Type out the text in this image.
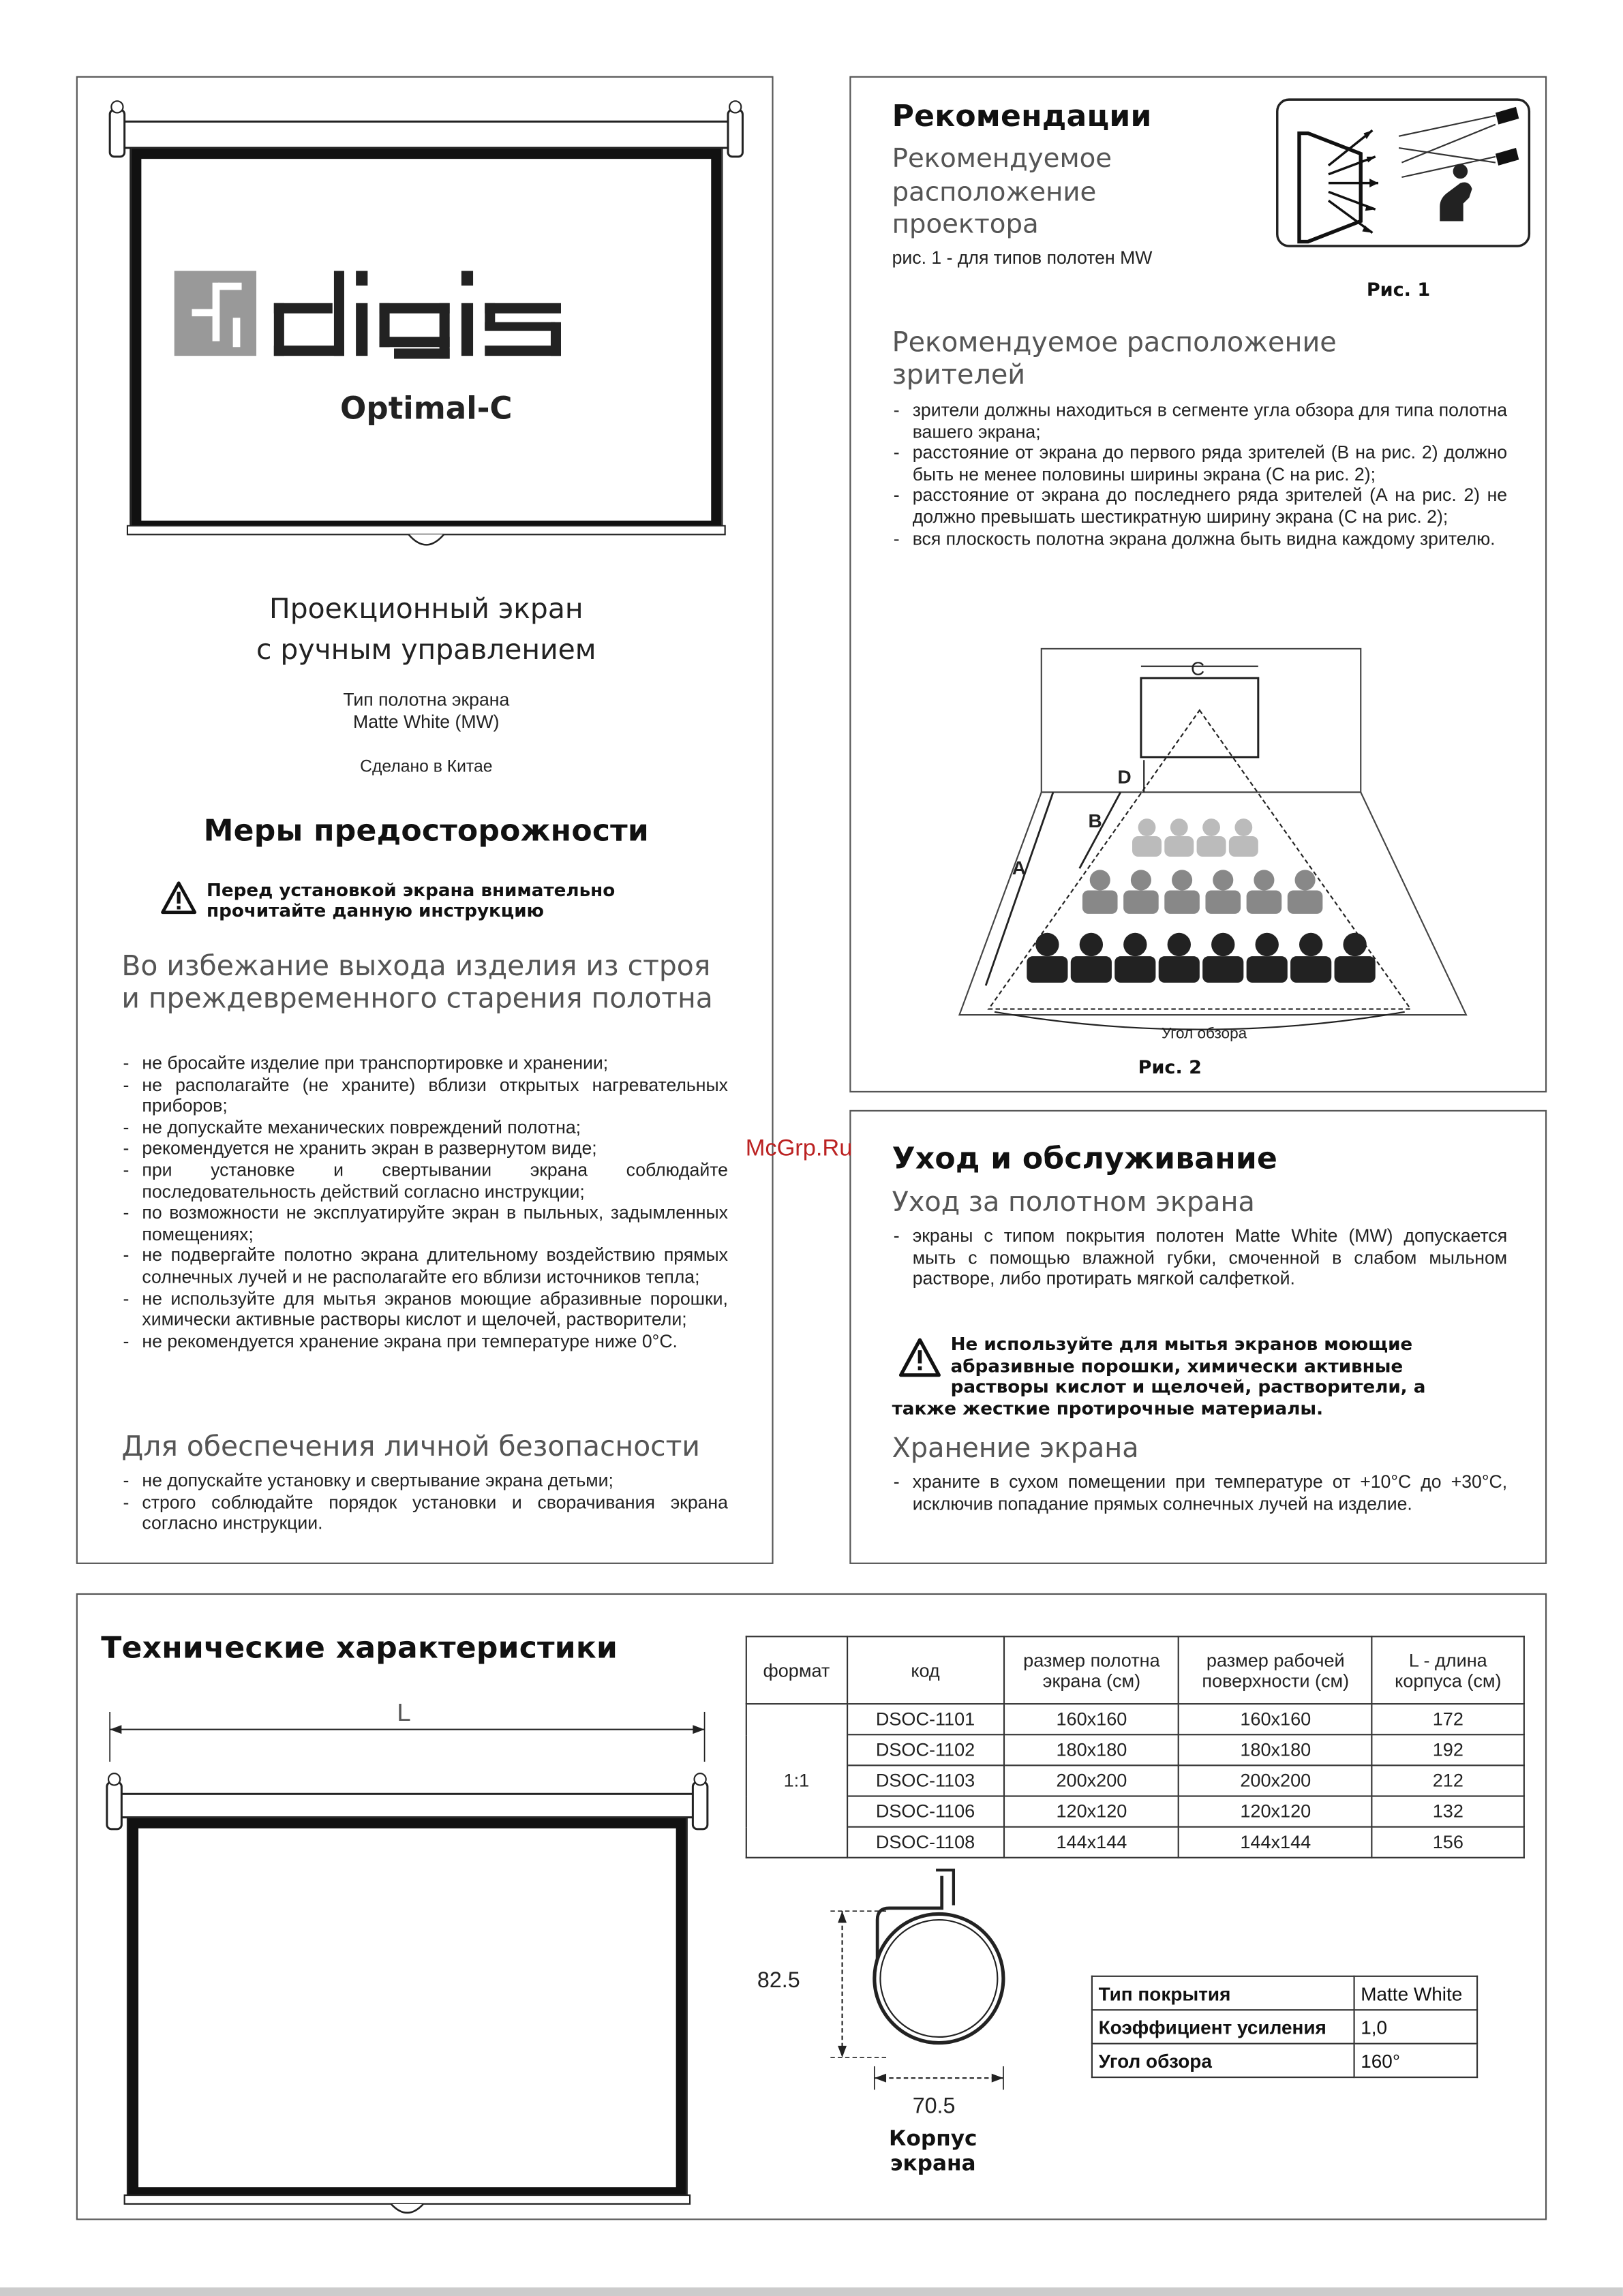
Optimal-C
Проекционный экран
с ручным управлением
Тип полотна экрана
Matte White (MW)
Сделано в Китае
Меры предосторожности
Перед установкой экрана внимательно
прочитайте данную инструкцию
Во избежание выхода изделия из строя и преждевременного старения полотна
- не бросайте изделие при транспортировке и хранении;
- не располагайте (не храните) вблизи открытых нагревательных приборов;
- не допускайте механических повреждений полотна;
- рекомендуется не хранить экран в развернутом виде;
- при установке и свертывании экрана соблюдайте последовательность действий согласно инструкции;
- по возможности не эксплуатируйте экран в пыльных, задымленных помещениях;
- не подвергайте полотно экрана длительному воздействию прямых солнечных лучей и не располагайте его вблизи источников тепла;
- не используйте для мытья экранов моющие абразивные порошки, химически активные растворы кислот и щелочей, растворители;
- не рекомендуется хранение экрана при температуре ниже 0°С.
Для обеспечения личной безопасности
- не допускайте установку и свертывание экрана детьми;
- строго соблюдайте порядок установки и сворачивания экрана согласно инструкции.
Рекомендации
Рекомендуемое расположение проектора
рис. 1 - для типов полотен MW
Рис. 1
Рекомендуемое расположение зрителей
- зрители должны находиться в сегменте угла обзора для типа полотна вашего экрана;
- расстояние от экрана до первого ряда зрителей (В на рис. 2) должно быть не менее половины ширины экрана (С на рис. 2);
- расстояние от экрана до последнего ряда зрителей (А на рис. 2) не должно превышать шестикратную ширину экрана (С на рис. 2);
- вся плоскость полотна экрана должна быть видна каждому зрителю.
C
D
B
A
Угол обзора
Рис. 2
Уход и обслуживание
Уход за полотном экрана
- экраны с типом покрытия полотен Matte White (MW) допускается мыть с помощью влажной губки, смоченной в слабом мыльном растворе, либо протирать мягкой салфеткой.
Не используйте для мытья экранов моющие
абразивные порошки, химически активные
растворы кислот и щелочей, растворители, а
также жесткие протирочные материалы.
Хранение экрана
- храните в сухом помещении при температуре от +10°С до +30°С, исключив попадание прямых солнечных лучей на изделие.
McGrp.Ru
Технические характеристики
L
формат	код	размер полотна экрана (см)	размер рабочей поверхности (см)	L - длина корпуса (см)
1:1	DSOC-1101	160x160	160x160	172
	DSOC-1102	180x180	180x180	192
	DSOC-1103	200x200	200x200	212
	DSOC-1106	120x120	120x120	132
	DSOC-1108	144x144	144x144	156
82.5
70.5
Корпус
экрана
Тип покрытия	Matte White
Коэффициент усиления	1,0
Угол обзора	160°
